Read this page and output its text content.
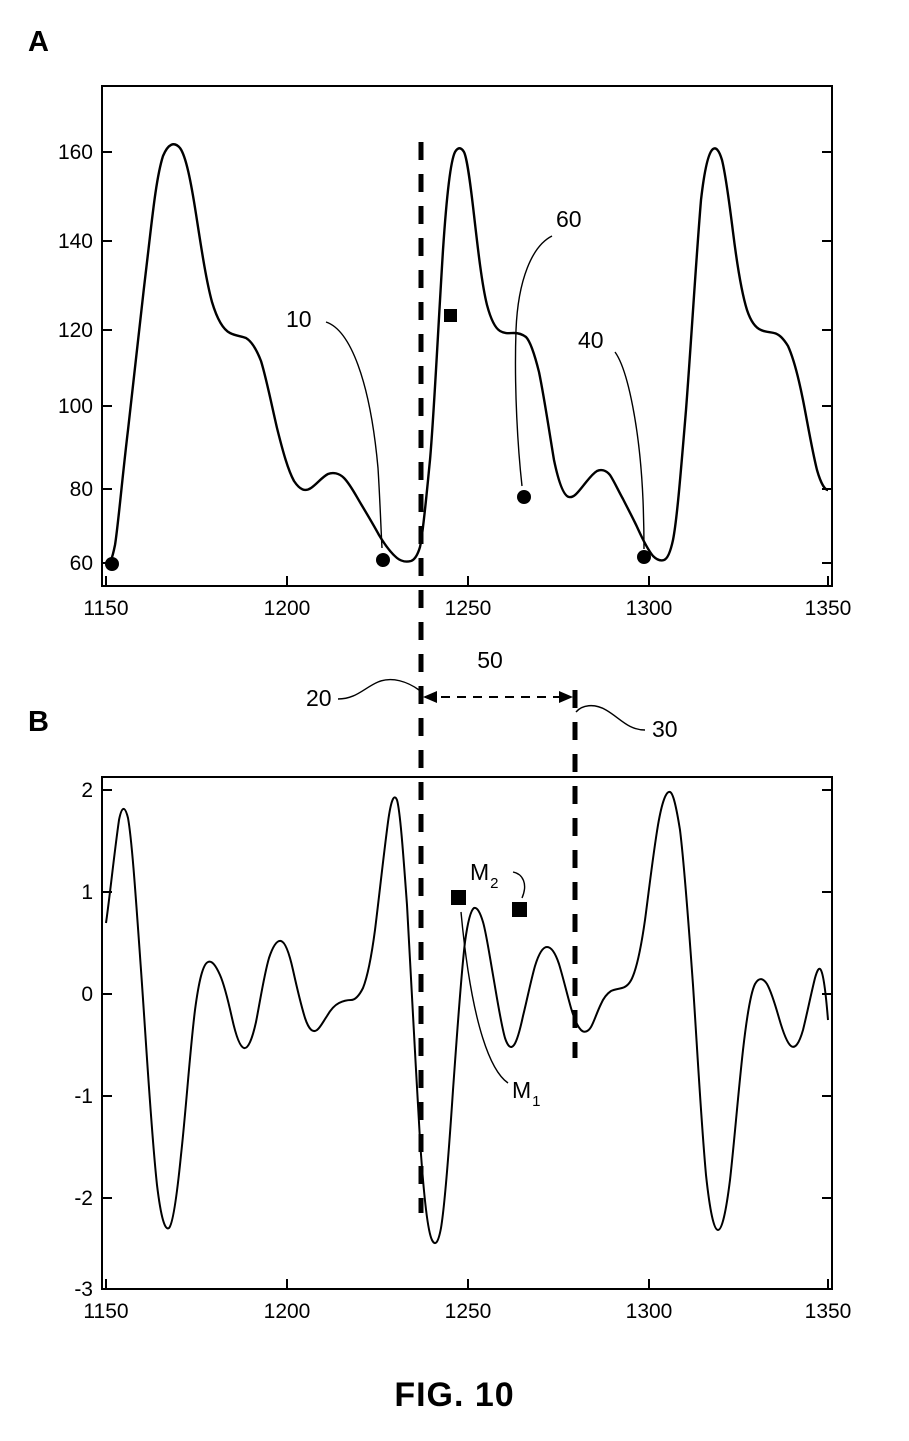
A
B
160
140
120
100
80
60
1150	1200	1250	1300	1350
10
60
40
50
20
30
2
1
0
-1
-2
-3
1150	1200	1250	1300	1350
$M_2$
$M_1$
FIG. 10
